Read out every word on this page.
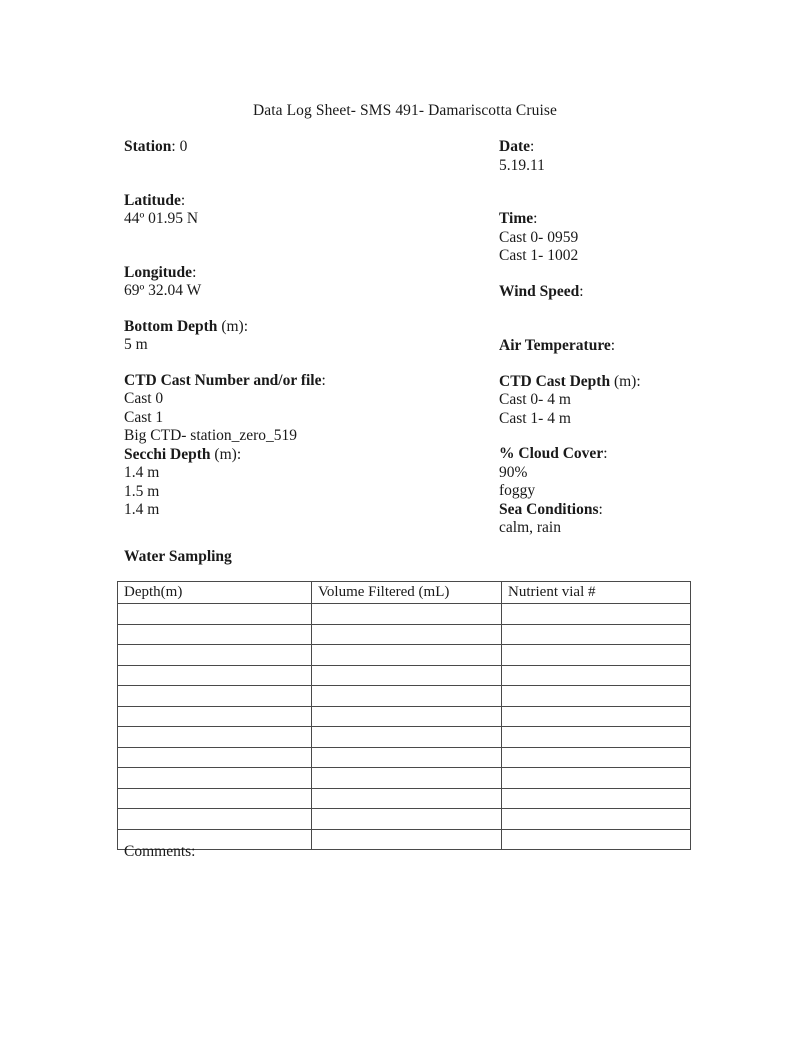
Data Log Sheet- SMS 491- Damariscotta Cruise
Station: 0
Latitude:
44º 01.95 N
Longitude:
69º 32.04 W
Bottom Depth (m):
5 m
CTD Cast Number and/or file:
Cast 0
Cast 1
Big CTD- station_zero_519
Secchi Depth (m):
1.4 m
1.5 m
1.4 m
Date:
5.19.11
Time:
Cast 0- 0959
Cast 1- 1002
Wind Speed:
Air Temperature:
CTD Cast Depth (m):
Cast 0- 4 m
Cast 1- 4 m
% Cloud Cover:
90%
foggy
Sea Conditions:
calm, rain
Water Sampling
Depth(m)	Volume Filtered (mL)	Nutrient vial #

Comments:
